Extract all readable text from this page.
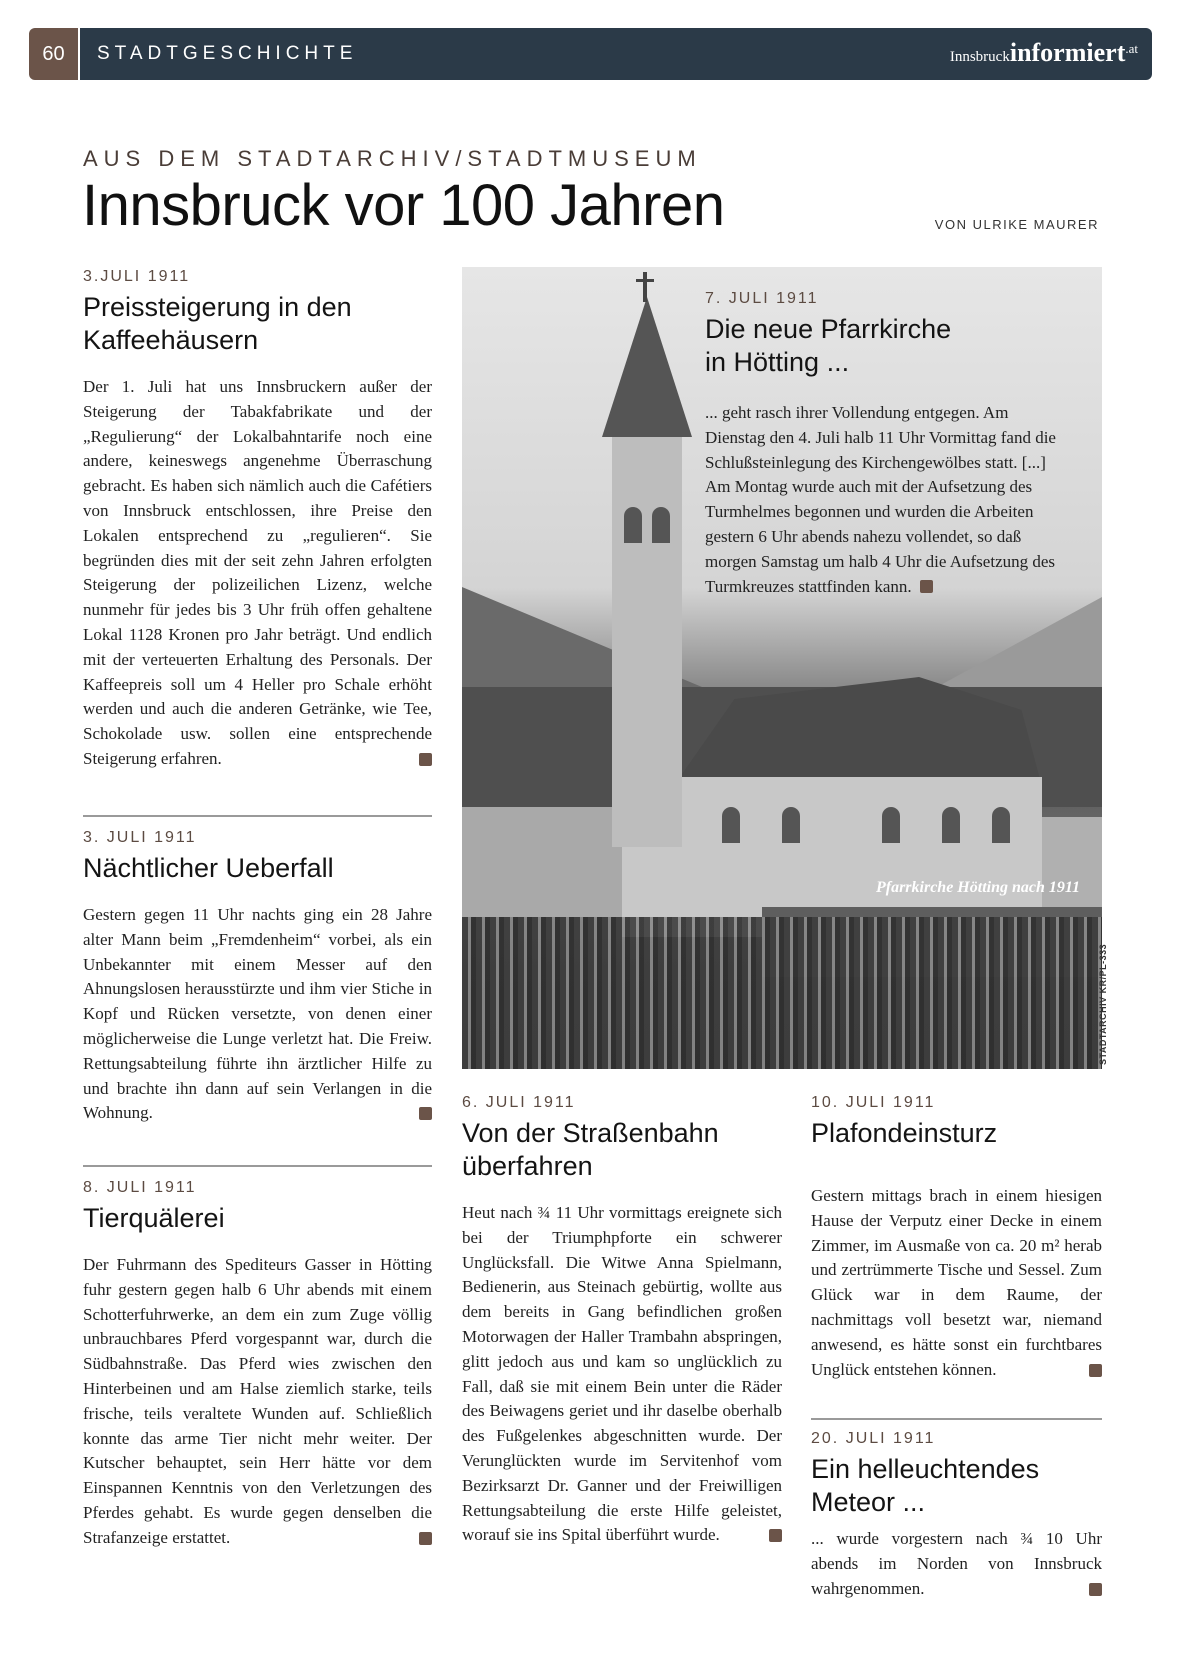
60	STADTGESCHICHTE	Innsbruckinformiert$^{.at}$
AUS DEM STADTARCHIV/STADTMUSEUM
Innsbruck vor 100 Jahren	VON ULRIKE MAURER
3.JULI 1911
Preissteigerung in den Kaffeehäusern
Der 1. Juli hat uns Innsbruckern außer der Steigerung der Tabakfabrikate und der „Regulierung“ der Lokalbahntarife noch eine andere, keineswegs angenehme Überraschung gebracht. Es haben sich nämlich auch die Cafétiers von Innsbruck entschlossen, ihre Preise den Lokalen entsprechend zu „regulieren“. Sie begründen dies mit der seit zehn Jahren erfolgten Steigerung der polizeilichen Lizenz, welche nunmehr für jedes bis 3 Uhr früh offen gehaltene Lokal 1128 Kronen pro Jahr beträgt. Und endlich mit der verteuerten Erhaltung des Personals. Der Kaffeepreis soll um 4 Heller pro Schale erhöht werden und auch die anderen Getränke, wie Tee, Schokolade usw. sollen eine entsprechende Steigerung erfahren.
3. JULI 1911
Nächtlicher Ueberfall
Gestern gegen 11 Uhr nachts ging ein 28 Jahre alter Mann beim „Fremdenheim“ vorbei, als ein Unbekannter mit einem Messer auf den Ahnungslosen herausstürzte und ihm vier Stiche in Kopf und Rücken versetzte, von denen einer möglicherweise die Lunge verletzt hat. Die Freiw. Rettungsabteilung führte ihn ärztlicher Hilfe zu und brachte ihn dann auf sein Verlangen in die Wohnung.
8. JULI 1911
Tierquälerei
Der Fuhrmann des Spediteurs Gasser in Hötting fuhr gestern gegen halb 6 Uhr abends mit einem Schotterfuhrwerke, an dem ein zum Zuge völlig unbrauchbares Pferd vorgespannt war, durch die Südbahnstraße. Das Pferd wies zwischen den Hinterbeinen und am Halse ziemlich starke, teils frische, teils veraltete Wunden auf. Schließlich konnte das arme Tier nicht mehr weiter. Der Kutscher behauptet, sein Herr hätte vor dem Einspannen Kenntnis von den Verletzungen des Pferdes gehabt. Es wurde gegen denselben die Strafanzeige erstattet.
7. JULI 1911
Die neue Pfarrkirche in Hötting ...
... geht rasch ihrer Vollendung entgegen. Am Dienstag den 4. Juli halb 11 Uhr Vormittag fand die Schlußsteinlegung des Kirchengewölbes statt. [...] Am Montag wurde auch mit der Aufsetzung des Turmhelmes begonnen und wurden die Arbeiten gestern 6 Uhr abends nahezu vollendet, so daß morgen Samstag um halb 4 Uhr die Aufsetzung des Turmkreuzes stattfinden kann.
Pfarrkirche Hötting nach 1911
STADTARCHIV KR/PL-333
6. JULI 1911
Von der Straßenbahn überfahren
Heut nach ¾ 11 Uhr vormittags ereignete sich bei der Triumphpforte ein schwerer Unglücksfall. Die Witwe Anna Spielmann, Bedienerin, aus Steinach gebürtig, wollte aus dem bereits in Gang befindlichen großen Motorwagen der Haller Trambahn abspringen, glitt jedoch aus und kam so unglücklich zu Fall, daß sie mit einem Bein unter die Räder des Beiwagens geriet und ihr daselbe oberhalb des Fußgelenkes abgeschnitten wurde. Der Verunglückten wurde im Servitenhof vom Bezirksarzt Dr. Ganner und der Freiwilligen Rettungsabteilung die erste Hilfe geleistet, worauf sie ins Spital überführt wurde.
10. JULI 1911
Plafondeinsturz
Gestern mittags brach in einem hiesigen Hause der Verputz einer Decke in einem Zimmer, im Ausmaße von ca. 20 m² herab und zertrümmerte Tische und Sessel. Zum Glück war in dem Raume, der nachmittags voll besetzt war, niemand anwesend, es hätte sonst ein furchtbares Unglück entstehen können.
20. JULI 1911
Ein helleuchtendes Meteor ...
... wurde vorgestern nach ¾ 10 Uhr abends im Norden von Innsbruck wahrgenommen.
